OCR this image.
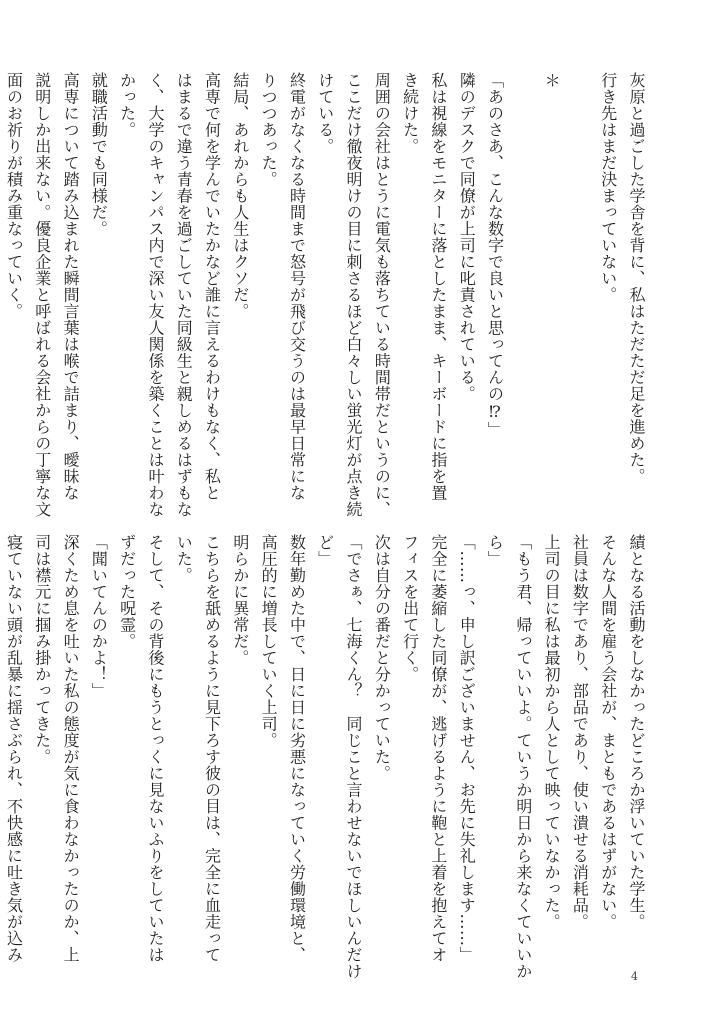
灰原と過ごした学舎を背に、私はただただ足を進めた。
行き先はまだ決まっていない。

＊

「あのさあ、こんな数字で良いと思ってんの⁉」
隣のデスクで同僚が上司に叱責されている。
私は視線をモニターに落としたまま、キーボードに指を置
き続けた。
周囲の会社はとうに電気も落ちている時間帯だというのに、
ここだけ徹夜明けの目に刺さるほど白々しい蛍光灯が点き続
けている。
終電がなくなる時間まで怒号が飛び交うのは最早日常にな
りつつあった。
結局、あれからも人生はクソだ。
高専で何を学んでいたかなど誰に言えるわけもなく、私と
はまるで違う青春を過ごしていた同級生と親しめるはずもな
く、大学のキャンパス内で深い友人関係を築くことは叶わな
かった。
就職活動でも同様だ。
高専について踏み込まれた瞬間言葉は喉で詰まり、曖昧な
説明しか出来ない。優良企業と呼ばれる会社からの丁寧な文
面のお祈りが積み重なっていく。
績となる活動をしなかったどころか浮いていた学生。
そんな人間を雇う会社が、まともであるはずがない。
社員は数字であり、部品であり、使い潰せる消耗品。
上司の目に私は最初から人として映っていなかった。
「もう君、帰っていいよ。ていうか明日から来なくていいか
ら」
「……っ、申し訳ございません、お先に失礼します……」
完全に萎縮した同僚が、逃げるように鞄と上着を抱えてオ
フィスを出て行く。
次は自分の番だと分かっていた。
「でさぁ、七海くん？　同じこと言わせないでほしいんだけ
ど」
数年勤めた中で、日に日に劣悪になっていく労働環境と、
高圧的に増長していく上司。
明らかに異常だ。
こちらを舐めるように見下ろす彼の目は、完全に血走って
いた。
そして、その背後にもうとっくに見ないふりをしていたは
ずだった呪霊。
「聞いてんのかよ！」
深くため息を吐いた私の態度が気に食わなかったのか、上
司は襟元に掴み掛かってきた。
寝ていない頭が乱暴に揺さぶられ、不快感に吐き気が込み
4
